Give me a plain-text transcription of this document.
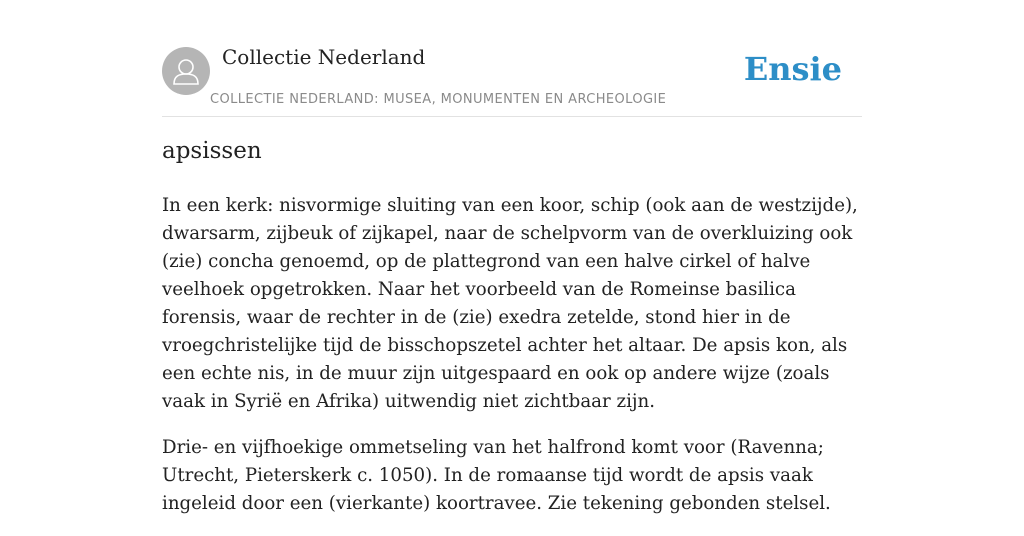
Collectie Nederland
COLLECTIE NEDERLAND: MUSEA, MONUMENTEN EN ARCHEOLOGIE
Ensie
apsissen

In een kerk: nisvormige sluiting van een koor, schip (ook aan de westzijde), dwarsarm, zijbeuk of zijkapel, naar de schelpvorm van de overkluizing ook (zie) concha genoemd, op de plattegrond van een halve cirkel of halve veelhoek opgetrokken. Naar het voorbeeld van de Romeinse basilica forensis, waar de rechter in de (zie) exedra zetelde, stond hier in de vroegchristelijke tijd de bisschopszetel achter het altaar. De apsis kon, als een echte nis, in de muur zijn uitgespaard en ook op andere wijze (zoals vaak in Syrië en Afrika) uitwendig niet zichtbaar zijn.

Drie- en vijfhoekige ommetseling van het halfrond komt voor (Ravenna; Utrecht, Pieterskerk c. 1050). In de romaanse tijd wordt de apsis vaak ingeleid door een (vierkante) koortravee. Zie tekening gebonden stelsel.
